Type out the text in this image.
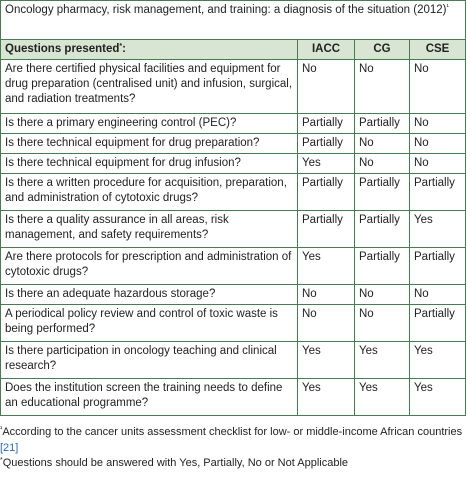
Oncology pharmacy, risk management, and training: a diagnosis of the situation $(2012)^{^1}$
Questions presented*:	IACC	CG	CSE
Are there certified physical facilities and equipment for drug preparation (centralised unit) and infusion, surgical, and radiation treatments?	No	No	No
Is there a primary engineering control (PEC)?	Partially	Partially	No
Is there technical equipment for drug preparation?	Partially	No	No
Is there technical equipment for drug infusion?	Yes	No	No
Is there a written procedure for acquisition, preparation, and administration of cytotoxic drugs?	Partially	Partially	Partially
Is there a quality assurance in all areas, risk management, and safety requirements?	Partially	Partially	Yes
Are there protocols for prescription and administration of cytotoxic drugs?	Yes	Partially	Partially
Is there an adequate hazardous storage?	No	No	No
A periodical policy review and control of toxic waste is being performed?	No	No	Partially
Is there participation in oncology teaching and clinical research?	Yes	Yes	Yes
Does the institution screen the training needs to define an educational programme?	Yes	Yes	Yes
$^{^1}$According to the cancer units assessment checklist for low- or middle-income African countries [21]
*Questions should be answered with Yes, Partially, No or Not Applicable
